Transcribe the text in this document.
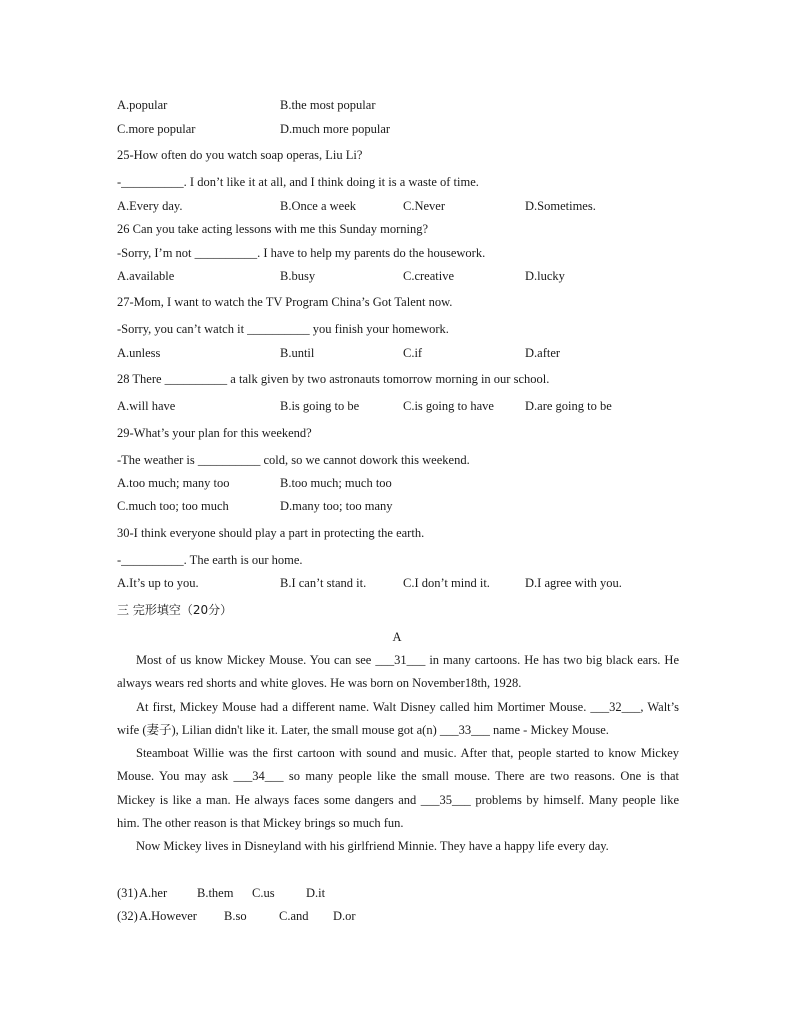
A.popular	B.the most popular
C.more popular	D.much more popular
25-How often do you watch soap operas, Liu Li?
-__________. I don’t like it at all, and I think doing it is a waste of time.
A.Every day.	B.Once a week	C.Never	D.Sometimes.
26 Can you take acting lessons with me this Sunday morning?
-Sorry, I’m not __________. I have to help my parents do the housework.
A.available	B.busy	C.creative	D.lucky
27-Mom, I want to watch the TV Program China’s Got Talent now.
-Sorry, you can’t watch it __________ you finish your homework.
A.unless	B.until	C.if	D.after
28 There __________ a talk given by two astronauts tomorrow morning in our school.
A.will have	B.is going to be	C.is going to have D.are going to be
29-What’s your plan for this weekend?
-The weather is __________ cold, so we cannot dowork this weekend.
A.too much; many too	B.too much; much too
C.much too; too much	D.many too; too many
30-I think everyone should play a part in protecting the earth.
-__________. The earth is our home.
A.It’s up to you.	B.I can’t stand it.	C.I don’t mind it.	D.I agree with you.
三 完形填空（20分）
A

Most of us know Mickey Mouse. You can see ___31___ in many cartoons. He has two big black ears. He always wears red shorts and white gloves. He was born on November18th, 1928.

At first, Mickey Mouse had a different name. Walt Disney called him Mortimer Mouse. ___32___, Walt’s wife (妻子), Lilian didn't like it. Later, the small mouse got a(n) ___33___ name - Mickey Mouse.

Steamboat Willie was the first cartoon with sound and music. After that, people started to know Mickey Mouse. You may ask ___34___ so many people like the small mouse. There are two reasons. One is that Mickey is like a man. He always faces some dangers and ___35___ problems by himself. Many people like him. The other reason is that Mickey brings so much fun.

Now Mickey lives in Disneyland with his girlfriend Minnie. They have a happy life every day.

(31) A.her B.them C.us	D.it
(32) A.However B.so	C.and D.or
